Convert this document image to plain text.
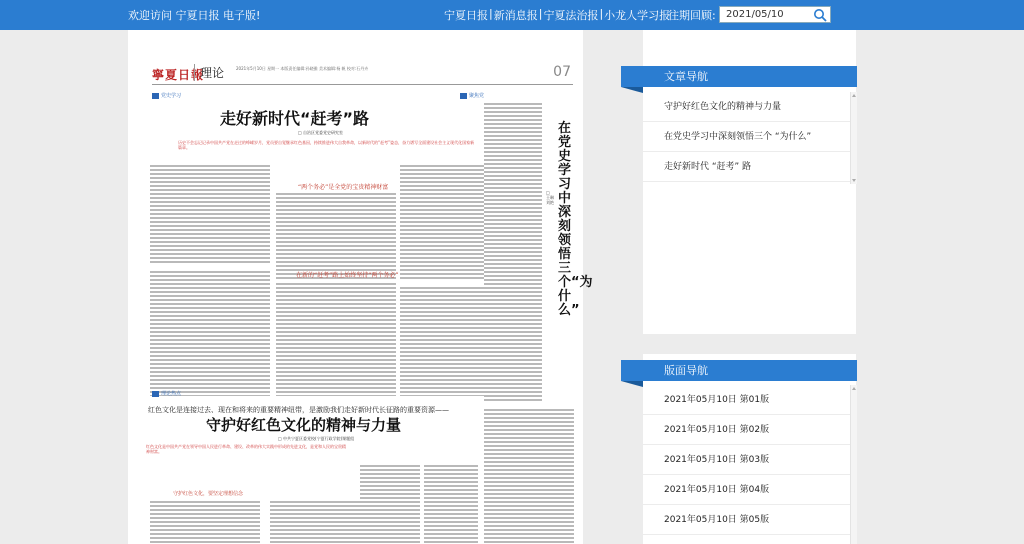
欢迎访问 宁夏日报 电子版!	宁夏日报 | 新消息报 | 宁夏法治报 | 小龙人学习报
往期回顾:
2021/05/10
寧夏日報
理论	2021年5月10日 星期一 本版责任编辑:孙晓雅 美术编辑:杨 帆 校对:石丹卉	07
党史学习
走好新时代“赶考”路
□ 自治区党委党史研究室
历史不会忘记记录中国共产党在走过的峥嵘岁月，党员要自觉继承红色基因，持续推进伟大自我革命，以新时代的“赶考”姿态，奋力谱写全面建设社会主义现代化国家新篇章。
“两个务必”是全党的宝贵精神财富
在新的“赶考”路上始终坚持“两个务必”
聚焦党
在党史学习中深刻领悟三个“为什么”
□ 王琳 刘艳
理论热点
红色文化是连接过去、现在和将来的重要精神纽带，是激励我们走好新时代长征路的重要资源——
守护好红色文化的精神与力量
□ 中共宁夏区委党校(宁夏行政学院)课题组
红色文化是中国共产党在领导中国人民进行革命、建设、改革的伟大实践中形成的先进文化，是党和人民的宝贵精神财富。
守护红色文化，要坚定理想信念
文章导航
守护好红色文化的精神与力量
在党史学习中深刻领悟三个 “为什么”
走好新时代 “赶考” 路
版面导航
2021年05月10日 第01版
2021年05月10日 第02版
2021年05月10日 第03版
2021年05月10日 第04版
2021年05月10日 第05版
